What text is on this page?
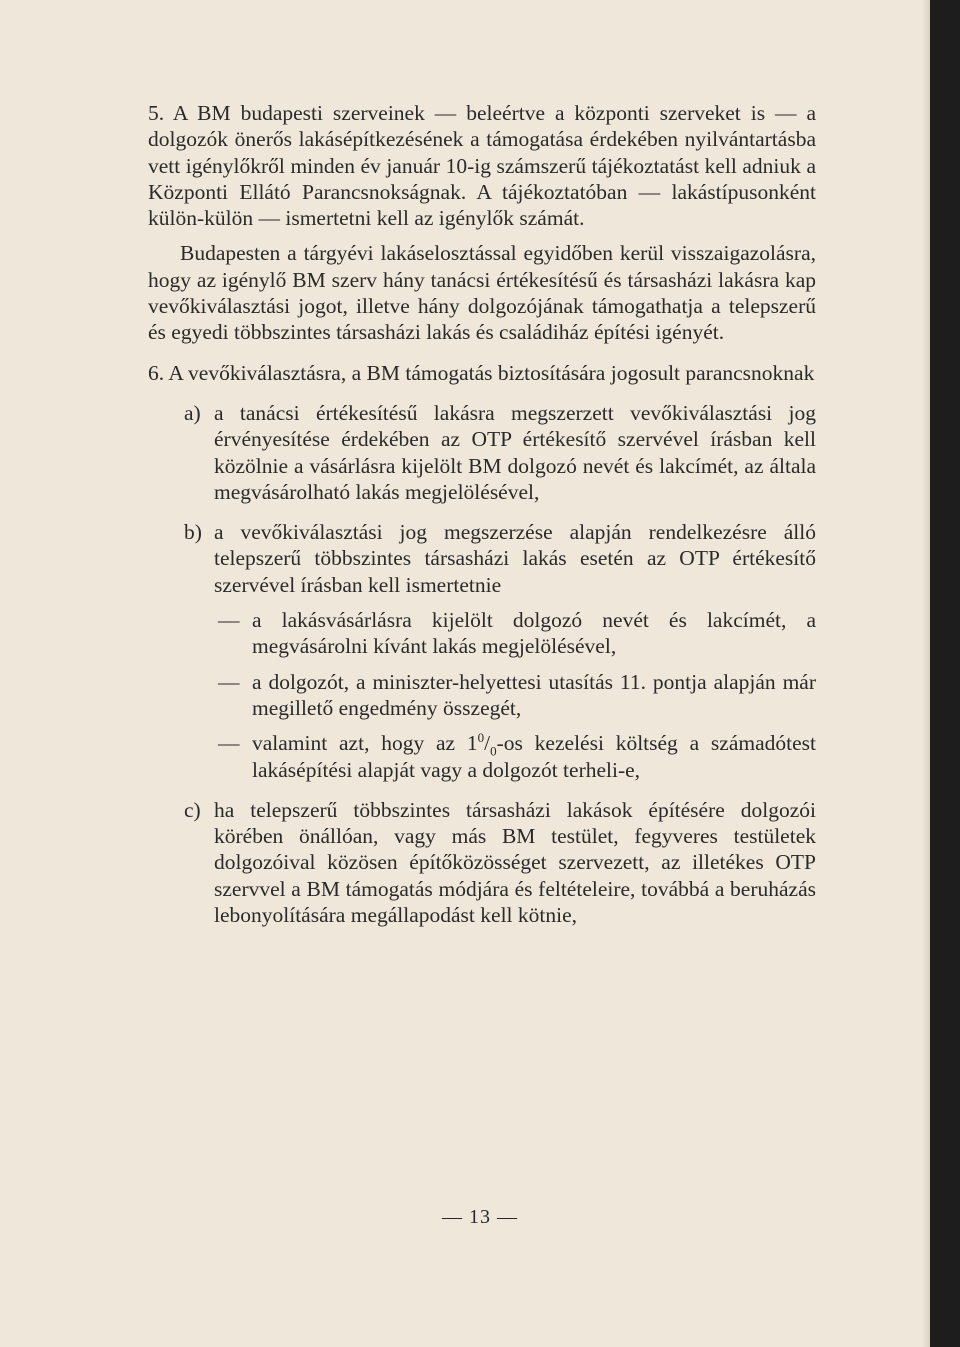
5. A BM budapesti szerveinek — beleértve a központi szerveket is — a dolgozók önerős lakásépítkezésének a támogatása érdekében nyilvántartásba vett igénylőkről minden év január 10-ig számszerű tájékoztatást kell adniuk a Központi Ellátó Parancsnokságnak. A tájékoztatóban — lakástípusonként külön-külön — ismertetni kell az igénylők számát.

Budapesten a tárgyévi lakáselosztással egyidőben kerül visszaigazolásra, hogy az igénylő BM szerv hány tanácsi értékesítésű és társasházi lakásra kap vevőkiválasztási jogot, illetve hány dolgozójának támogathatja a telepszerű és egyedi többszintes társasházi lakás és családiház építési igényét.

6. A vevőkiválasztásra, a BM támogatás biztosítására jogosult parancsnoknak

a) a tanácsi értékesítésű lakásra megszerzett vevőkiválasztási jog érvényesítése érdekében az OTP értékesítő szervével írásban kell közölnie a vásárlásra kijelölt BM dolgozó nevét és lakcímét, az általa megvásárolható lakás megjelölésével,

b) a vevőkiválasztási jog megszerzése alapján rendelkezésre álló telepszerű többszintes társasházi lakás esetén az OTP értékesítő szervével írásban kell ismertetnie

— a lakásvásárlásra kijelölt dolgozó nevét és lakcímét, a megvásárolni kívánt lakás megjelölésével,

— a dolgozót, a miniszter-helyettesi utasítás 11. pontja alapján már megillető engedmény összegét,

— valamint azt, hogy az $1^0/_0-os$ kezelési költség a számadótest lakásépítési alapját vagy a dolgozót terheli-e,

c) ha telepszerű többszintes társasházi lakások építésére dolgozói körében önállóan, vagy más BM testület, fegyveres testületek dolgozóival közösen építőközösséget szervezett, az illetékes OTP szervvel a BM támogatás módjára és feltételeire, továbbá a beruházás lebonyolítására megállapodást kell kötnie,

— 13 —
